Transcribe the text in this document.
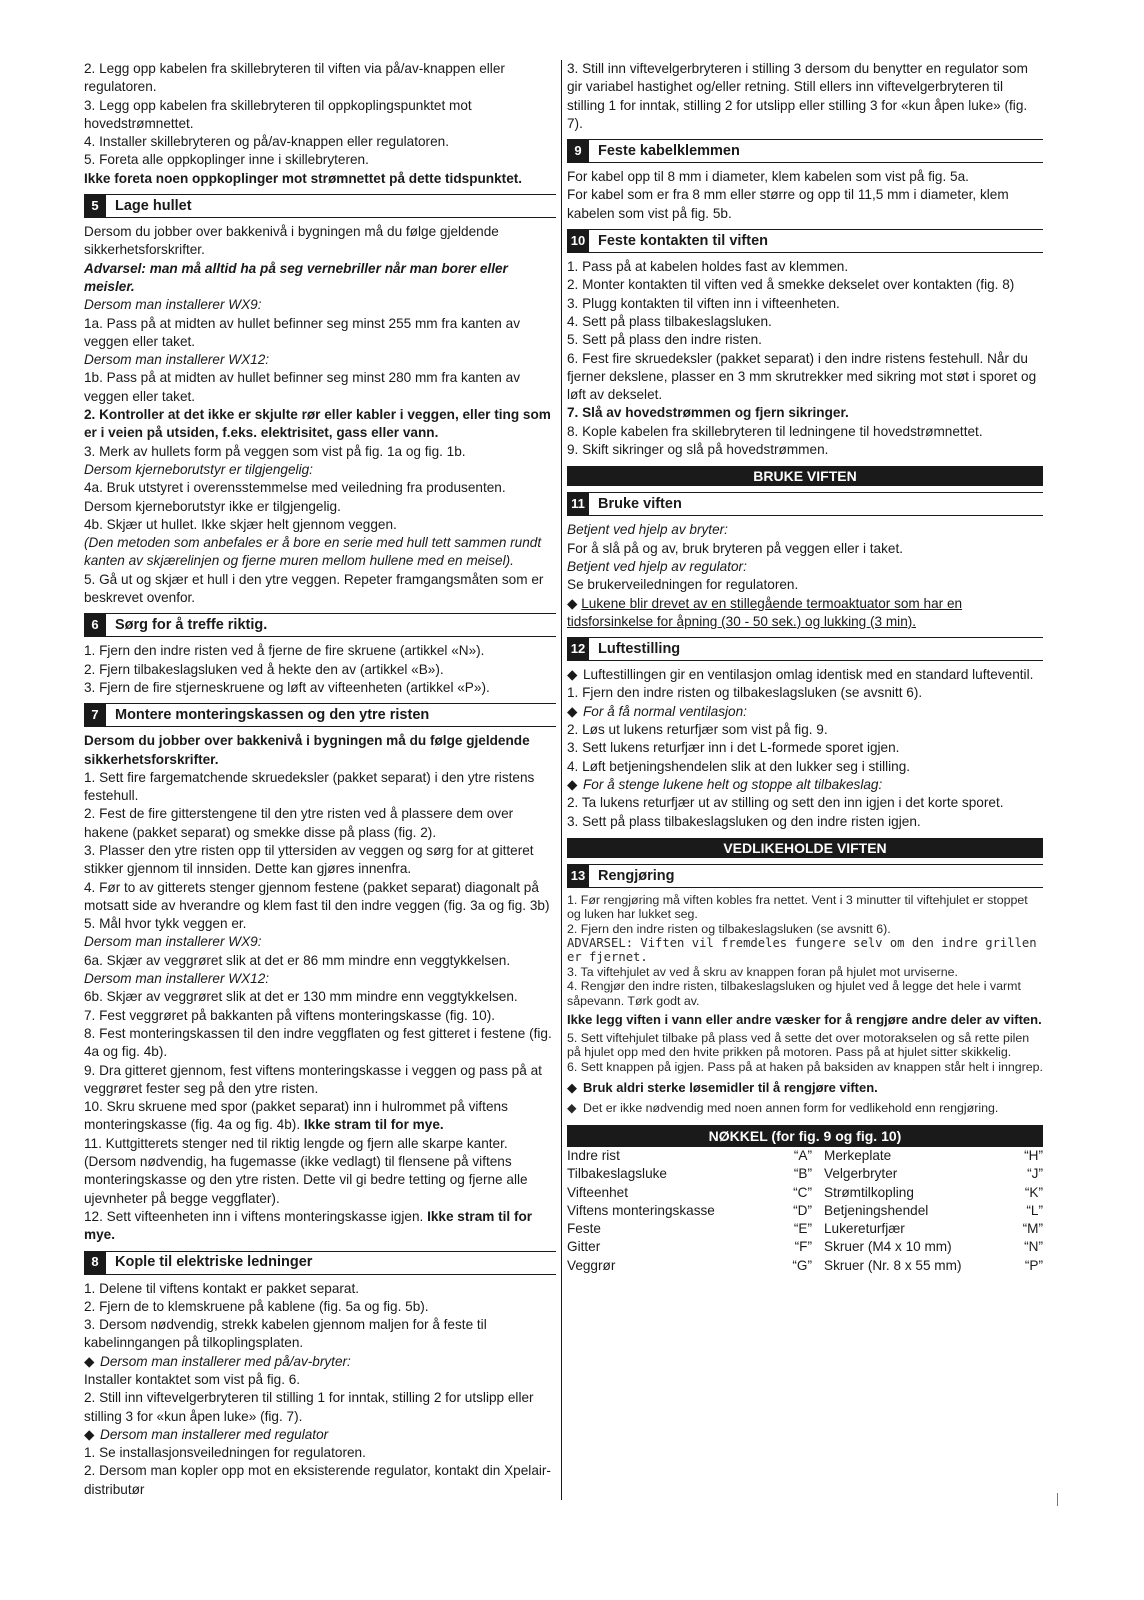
2. Legg opp kabelen fra skillebryteren til viften via på/av-knappen eller regulatoren.

3. Legg opp kabelen fra skillebryteren til oppkoplingspunktet mot hovedstrømnettet.

4. Installer skillebryteren og på/av-knappen eller regulatoren.

5. Foreta alle oppkoplinger inne i skillebryteren.

Ikke foreta noen oppkoplinger mot strømnettet på dette tidspunktet.

5	Lage hullet

Dersom du jobber over bakkenivå i bygningen må du følge gjeldende sikkerhetsforskrifter.

Advarsel: man må alltid ha på seg vernebriller når man borer eller meisler.

Dersom man installerer WX9:

1a. Pass på at midten av hullet befinner seg minst 255 mm fra kanten av veggen eller taket.

Dersom man installerer WX12:

1b. Pass på at midten av hullet befinner seg minst 280 mm fra kanten av veggen eller taket.

2. Kontroller at det ikke er skjulte rør eller kabler i veggen, eller ting som er i veien på utsiden, f.eks. elektrisitet, gass eller vann.

3. Merk av hullets form på veggen som vist på fig. 1a og fig. 1b.

Dersom kjerneborutstyr er tilgjengelig:

4a. Bruk utstyret i overensstemmelse med veiledning fra produsenten.

Dersom kjerneborutstyr ikke er tilgjengelig.

4b. Skjær ut hullet. Ikke skjær helt gjennom veggen.

(Den metoden som anbefales er å bore en serie med hull tett sammen rundt kanten av skjærelinjen og fjerne muren mellom hullene med en meisel).

5. Gå ut og skjær et hull i den ytre veggen. Repeter framgangsmåten som er beskrevet ovenfor.

6	Sørg for å treffe riktig.

1. Fjern den indre risten ved å fjerne de fire skruene (artikkel «N»).

2. Fjern tilbakeslagsluken ved å hekte den av (artikkel «B»).

3. Fjern de fire stjerneskruene og løft av vifteenheten (artikkel «P»).

7	Montere monteringskassen og den ytre risten

Dersom du jobber over bakkenivå i bygningen må du følge gjeldende sikkerhetsforskrifter.

1. Sett fire fargematchende skruedeksler (pakket separat) i den ytre ristens festehull.

2. Fest de fire gitterstengene til den ytre risten ved å plassere dem over hakene (pakket separat) og smekke disse på plass (fig. 2).

3. Plasser den ytre risten opp til yttersiden av veggen og sørg for at gitteret stikker gjennom til innsiden. Dette kan gjøres innenfra.

4. Før to av gitterets stenger gjennom festene (pakket separat) diagonalt på motsatt side av hverandre og klem fast til den indre veggen (fig. 3a og fig. 3b)

5. Mål hvor tykk veggen er.

Dersom man installerer WX9:

6a. Skjær av veggrøret slik at det er 86 mm mindre enn veggtykkelsen.

Dersom man installerer WX12:

6b. Skjær av veggrøret slik at det er 130 mm mindre enn veggtykkelsen.

7. Fest veggrøret på bakkanten på viftens monteringskasse (fig. 10).

8. Fest monteringskassen til den indre veggflaten og fest gitteret i festene (fig. 4a og fig. 4b).

9. Dra gitteret gjennom, fest viftens monteringskasse i veggen og pass på at veggrøret fester seg på den ytre risten.

10. Skru skruene med spor (pakket separat) inn i hulrommet på viftens monteringskasse (fig. 4a og fig. 4b). Ikke stram til for mye.

11. Kuttgitterets stenger ned til riktig lengde og fjern alle skarpe kanter. (Dersom nødvendig, ha fugemasse (ikke vedlagt) til flensene på viftens monteringskasse og den ytre risten. Dette vil gi bedre tetting og fjerne alle ujevnheter på begge veggflater).

12. Sett vifteenheten inn i viftens monteringskasse igjen. Ikke stram til for mye.

8	Kople til elektriske ledninger

1. Delene til viftens kontakt er pakket separat.

2. Fjern de to klemskruene på kablene (fig. 5a og fig. 5b).

3. Dersom nødvendig, strekk kabelen gjennom maljen for å feste til kabelinngangen på tilkoplingsplaten.

◆ Dersom man installerer med på/av-bryter:

Installer kontaktet som vist på fig. 6.

2. Still inn viftevelgerbryteren til stilling 1 for inntak, stilling 2 for utslipp eller stilling 3 for «kun åpen luke» (fig. 7).

◆ Dersom man installerer med regulator

1. Se installasjonsveiledningen for regulatoren.

2. Dersom man kopler opp mot en eksisterende regulator, kontakt din Xpelair-distributør

3. Still inn viftevelgerbryteren i stilling 3 dersom du benytter en regulator som gir variabel hastighet og/eller retning. Still ellers inn viftevelgerbryteren til stilling 1 for inntak, stilling 2 for utslipp eller stilling 3 for «kun åpen luke» (fig. 7).

9	Feste kabelklemmen

For kabel opp til 8 mm i diameter, klem kabelen som vist på fig. 5a.

For kabel som er fra 8 mm eller større og opp til 11,5 mm i diameter, klem kabelen som vist på fig. 5b.

10 Feste kontakten til viften

1. Pass på at kabelen holdes fast av klemmen.

2. Monter kontakten til viften ved å smekke dekselet over kontakten (fig. 8)

3. Plugg kontakten til viften inn i vifteenheten.

4. Sett på plass tilbakeslagsluken.

5. Sett på plass den indre risten.

6. Fest fire skruedeksler (pakket separat) i den indre ristens festehull. Når du fjerner dekslene, plasser en 3 mm skrutrekker med sikring mot støt i sporet og løft av dekselet.

7. Slå av hovedstrømmen og fjern sikringer.

8. Kople kabelen fra skillebryteren til ledningene til hovedstrømnettet.

9. Skift sikringer og slå på hovedstrømmen.

BRUKE VIFTEN
11 Bruke viften

Betjent ved hjelp av bryter:

For å slå på og av, bruk bryteren på veggen eller i taket.

Betjent ved hjelp av regulator:

Se brukerveiledningen for regulatoren.

◆ Lukene blir drevet av en stillegående termoaktuator som har en tidsforsinkelse for åpning (30 - 50 sek.) og lukking (3 min).

12 Luftestilling

◆ Luftestillingen gir en ventilasjon omlag identisk med en standard lufteventil.

1. Fjern den indre risten og tilbakeslagsluken (se avsnitt 6).

◆ For å få normal ventilasjon:

2. Løs ut lukens returfjær som vist på fig. 9.

3. Sett lukens returfjær inn i det L-formede sporet igjen.

4. Løft betjeningshendelen slik at den lukker seg i stilling.

◆ For å stenge lukene helt og stoppe alt tilbakeslag:

2. Ta lukens returfjær ut av stilling og sett den inn igjen i det korte sporet.

3. Sett på plass tilbakeslagsluken og den indre risten igjen.

VEDLIKEHOLDE VIFTEN
13 Rengjøring

1. Før rengjøring må viften kobles fra nettet. Vent i 3 minutter til viftehjulet er stoppet og luken har lukket seg.

2. Fjern den indre risten og tilbakeslagsluken (se avsnitt 6).

ADVARSEL: Viften vil fremdeles fungere selv om den indre grillen er fjernet.

3. Ta viftehjulet av ved å skru av knappen foran på hjulet mot urviserne.

4. Rengjør den indre risten, tilbakeslagsluken og hjulet ved å legge det hele i varmt såpevann. Tørk godt av.

Ikke legg viften i vann eller andre væsker for å rengjøre andre deler av viften.

5. Sett viftehjulet tilbake på plass ved å sette det over motorakselen og så rette pilen på hjulet opp med den hvite prikken på motoren. Pass på at hjulet sitter skikkelig.

6. Sett knappen på igjen. Pass på at haken på baksiden av knappen står helt i inngrep.

◆ Bruk aldri sterke løsemidler til å rengjøre viften.

◆ Det er ikke nødvendig med noen annen form for vedlikehold enn rengjøring.

NØKKEL (for fig. 9 og fig. 10)
Indre rist	“A”	Merkeplate	“H”
Tilbakeslagsluke	“B”	Velgerbryter	“J”
Vifteenhet	“C”	Strømtilkopling	“K”
Viftens monteringskasse	“D”	Betjeningshendel	“L”
Feste	“E”	Lukereturfjær	“M”
Gitter	“F”	Skruer (M4 x 10 mm)	“N”
Veggrør	“G”	Skruer (Nr. 8 x 55 mm)	“P”
